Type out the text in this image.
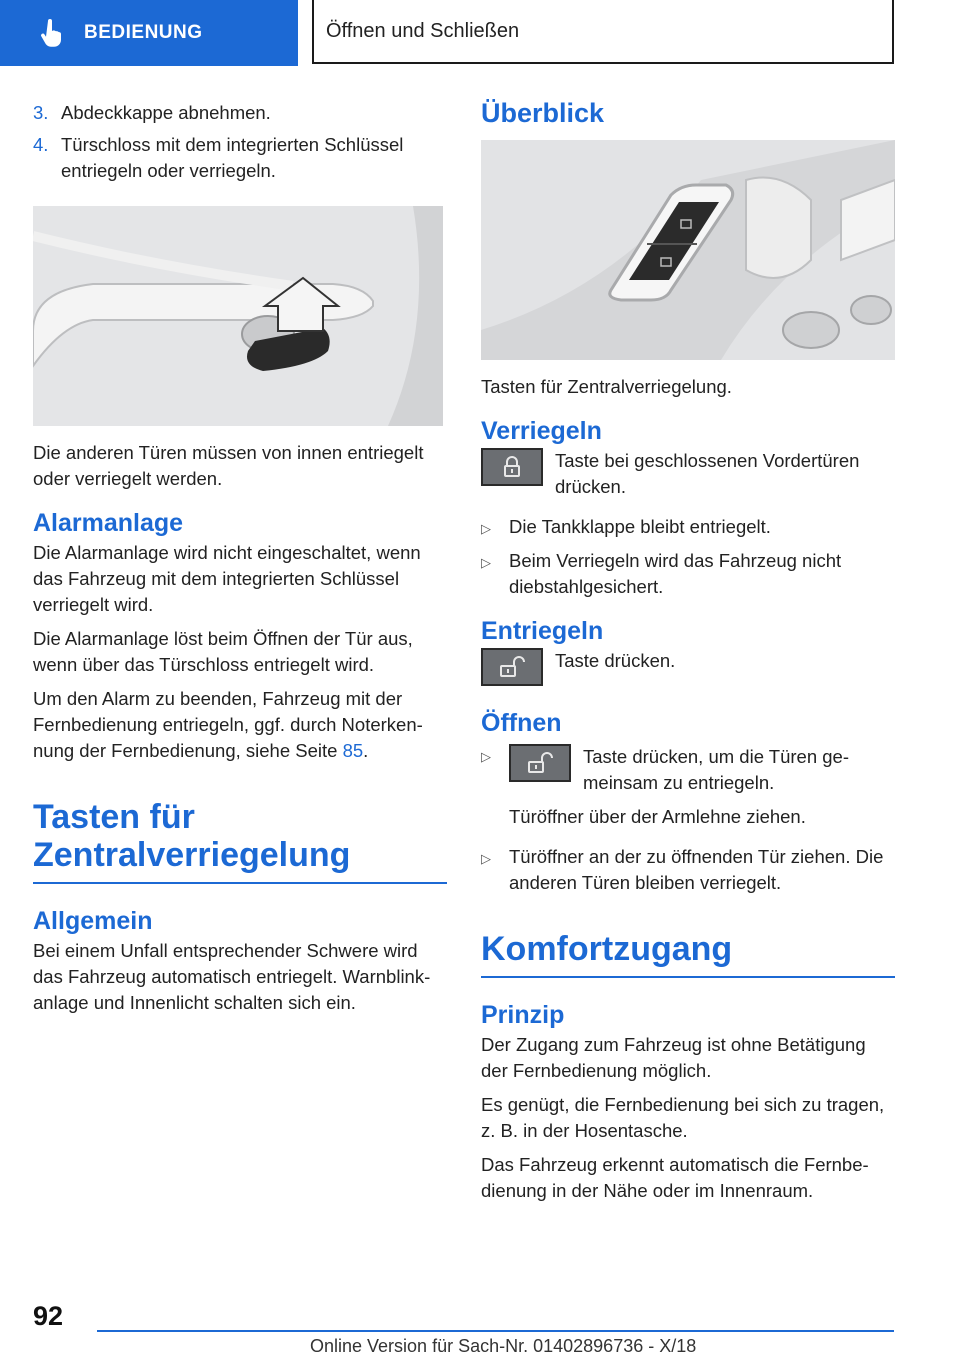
BEDIENUNG	Öffnen und Schließen
3. Abdeckkappe abnehmen.
4. Türschloss mit dem integrierten Schlüssel entriegeln oder verriegeln.

Die anderen Türen müssen von innen entriegelt oder verriegelt werden.

Alarmanlage

Die Alarmanlage wird nicht eingeschaltet, wenn das Fahrzeug mit dem integrierten Schlüssel verriegelt wird.

Die Alarmanlage löst beim Öffnen der Tür aus, wenn über das Türschloss entriegelt wird.

Um den Alarm zu beenden, Fahrzeug mit der Fernbedienung entriegeln, ggf. durch Noterken‐nung der Fernbedienung, siehe Seite 85.

Tasten für Zentralverriegelung
Allgemein

Bei einem Unfall entsprechender Schwere wird das Fahrzeug automatisch entriegelt. Warnblink‐anlage und Innenlicht schalten sich ein.

Überblick

Tasten für Zentralverriegelung.

Verriegeln
Taste bei geschlossenen Vordertüren drücken.
▷ Die Tankklappe bleibt entriegelt.
▷ Beim Verriegeln wird das Fahrzeug nicht diebstahlgesichert.
Entriegeln
Taste drücken.
Öffnen
▷	Taste drücken, um die Türen ge‐meinsam zu entriegeln.

Türöffner über der Armlehne ziehen.

▷ Türöffner an der zu öffnenden Tür ziehen. Die anderen Türen bleiben verriegelt.
Komfortzugang
Prinzip

Der Zugang zum Fahrzeug ist ohne Betätigung der Fernbedienung möglich.

Es genügt, die Fernbedienung bei sich zu tragen, z. B. in der Hosentasche.

Das Fahrzeug erkennt automatisch die Fernbe‐dienung in der Nähe oder im Innenraum.

92
Online Version für Sach-Nr. 01402896736 - X/18
